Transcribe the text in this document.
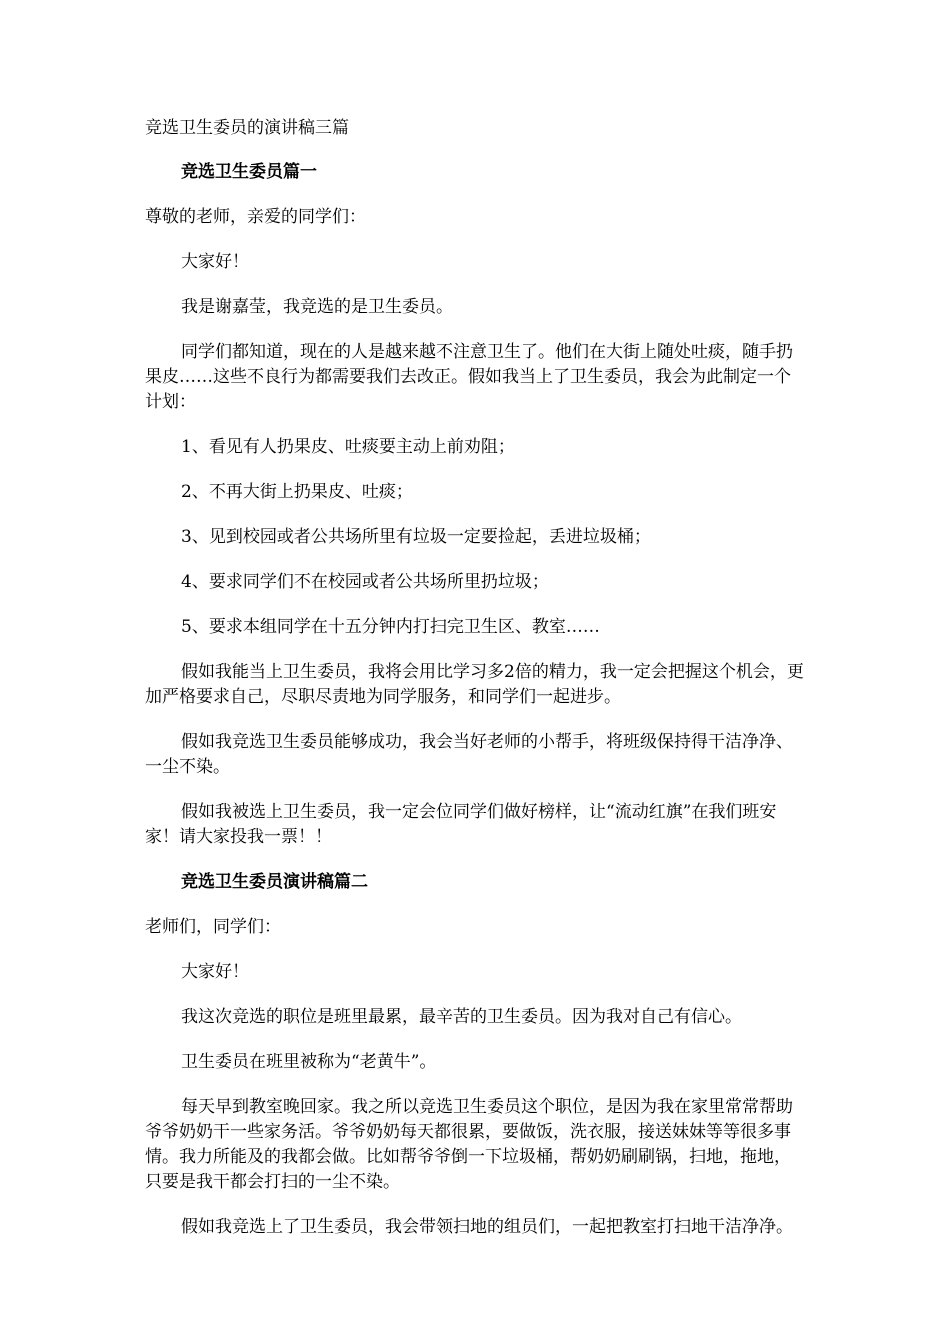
竞选卫生委员的演讲稿三篇

竞选卫生委员篇一

尊敬的老师，亲爱的同学们：

大家好！

我是谢嘉莹，我竞选的是卫生委员。

同学们都知道，现在的人是越来越不注意卫生了。他们在大街上随处吐痰，随手扔果皮……这些不良行为都需要我们去改正。假如我当上了卫生委员，我会为此制定一个计划：

1、看见有人扔果皮、吐痰要主动上前劝阻；

2、不再大街上扔果皮、吐痰；

3、见到校园或者公共场所里有垃圾一定要捡起，丢进垃圾桶；

4、要求同学们不在校园或者公共场所里扔垃圾；

5、要求本组同学在十五分钟内打扫完卫生区、教室……

假如我能当上卫生委员，我将会用比学习多2倍的精力，我一定会把握这个机会，更加严格要求自己，尽职尽责地为同学服务，和同学们一起进步。

假如我竞选卫生委员能够成功，我会当好老师的小帮手，将班级保持得干洁净净、一尘不染。

假如我被选上卫生委员，我一定会位同学们做好榜样，让“流动红旗”在我们班安家！请大家投我一票！！

竞选卫生委员演讲稿篇二

老师们，同学们：

大家好！

我这次竞选的职位是班里最累，最辛苦的卫生委员。因为我对自己有信心。

卫生委员在班里被称为“老黄牛”。

每天早到教室晚回家。我之所以竞选卫生委员这个职位，是因为我在家里常常帮助爷爷奶奶干一些家务活。爷爷奶奶每天都很累，要做饭，洗衣服，接送妹妹等等很多事情。我力所能及的我都会做。比如帮爷爷倒一下垃圾桶，帮奶奶刷刷锅，扫地，拖地，只要是我干都会打扫的一尘不染。

假如我竞选上了卫生委员，我会带领扫地的组员们，一起把教室打扫地干洁净净。
